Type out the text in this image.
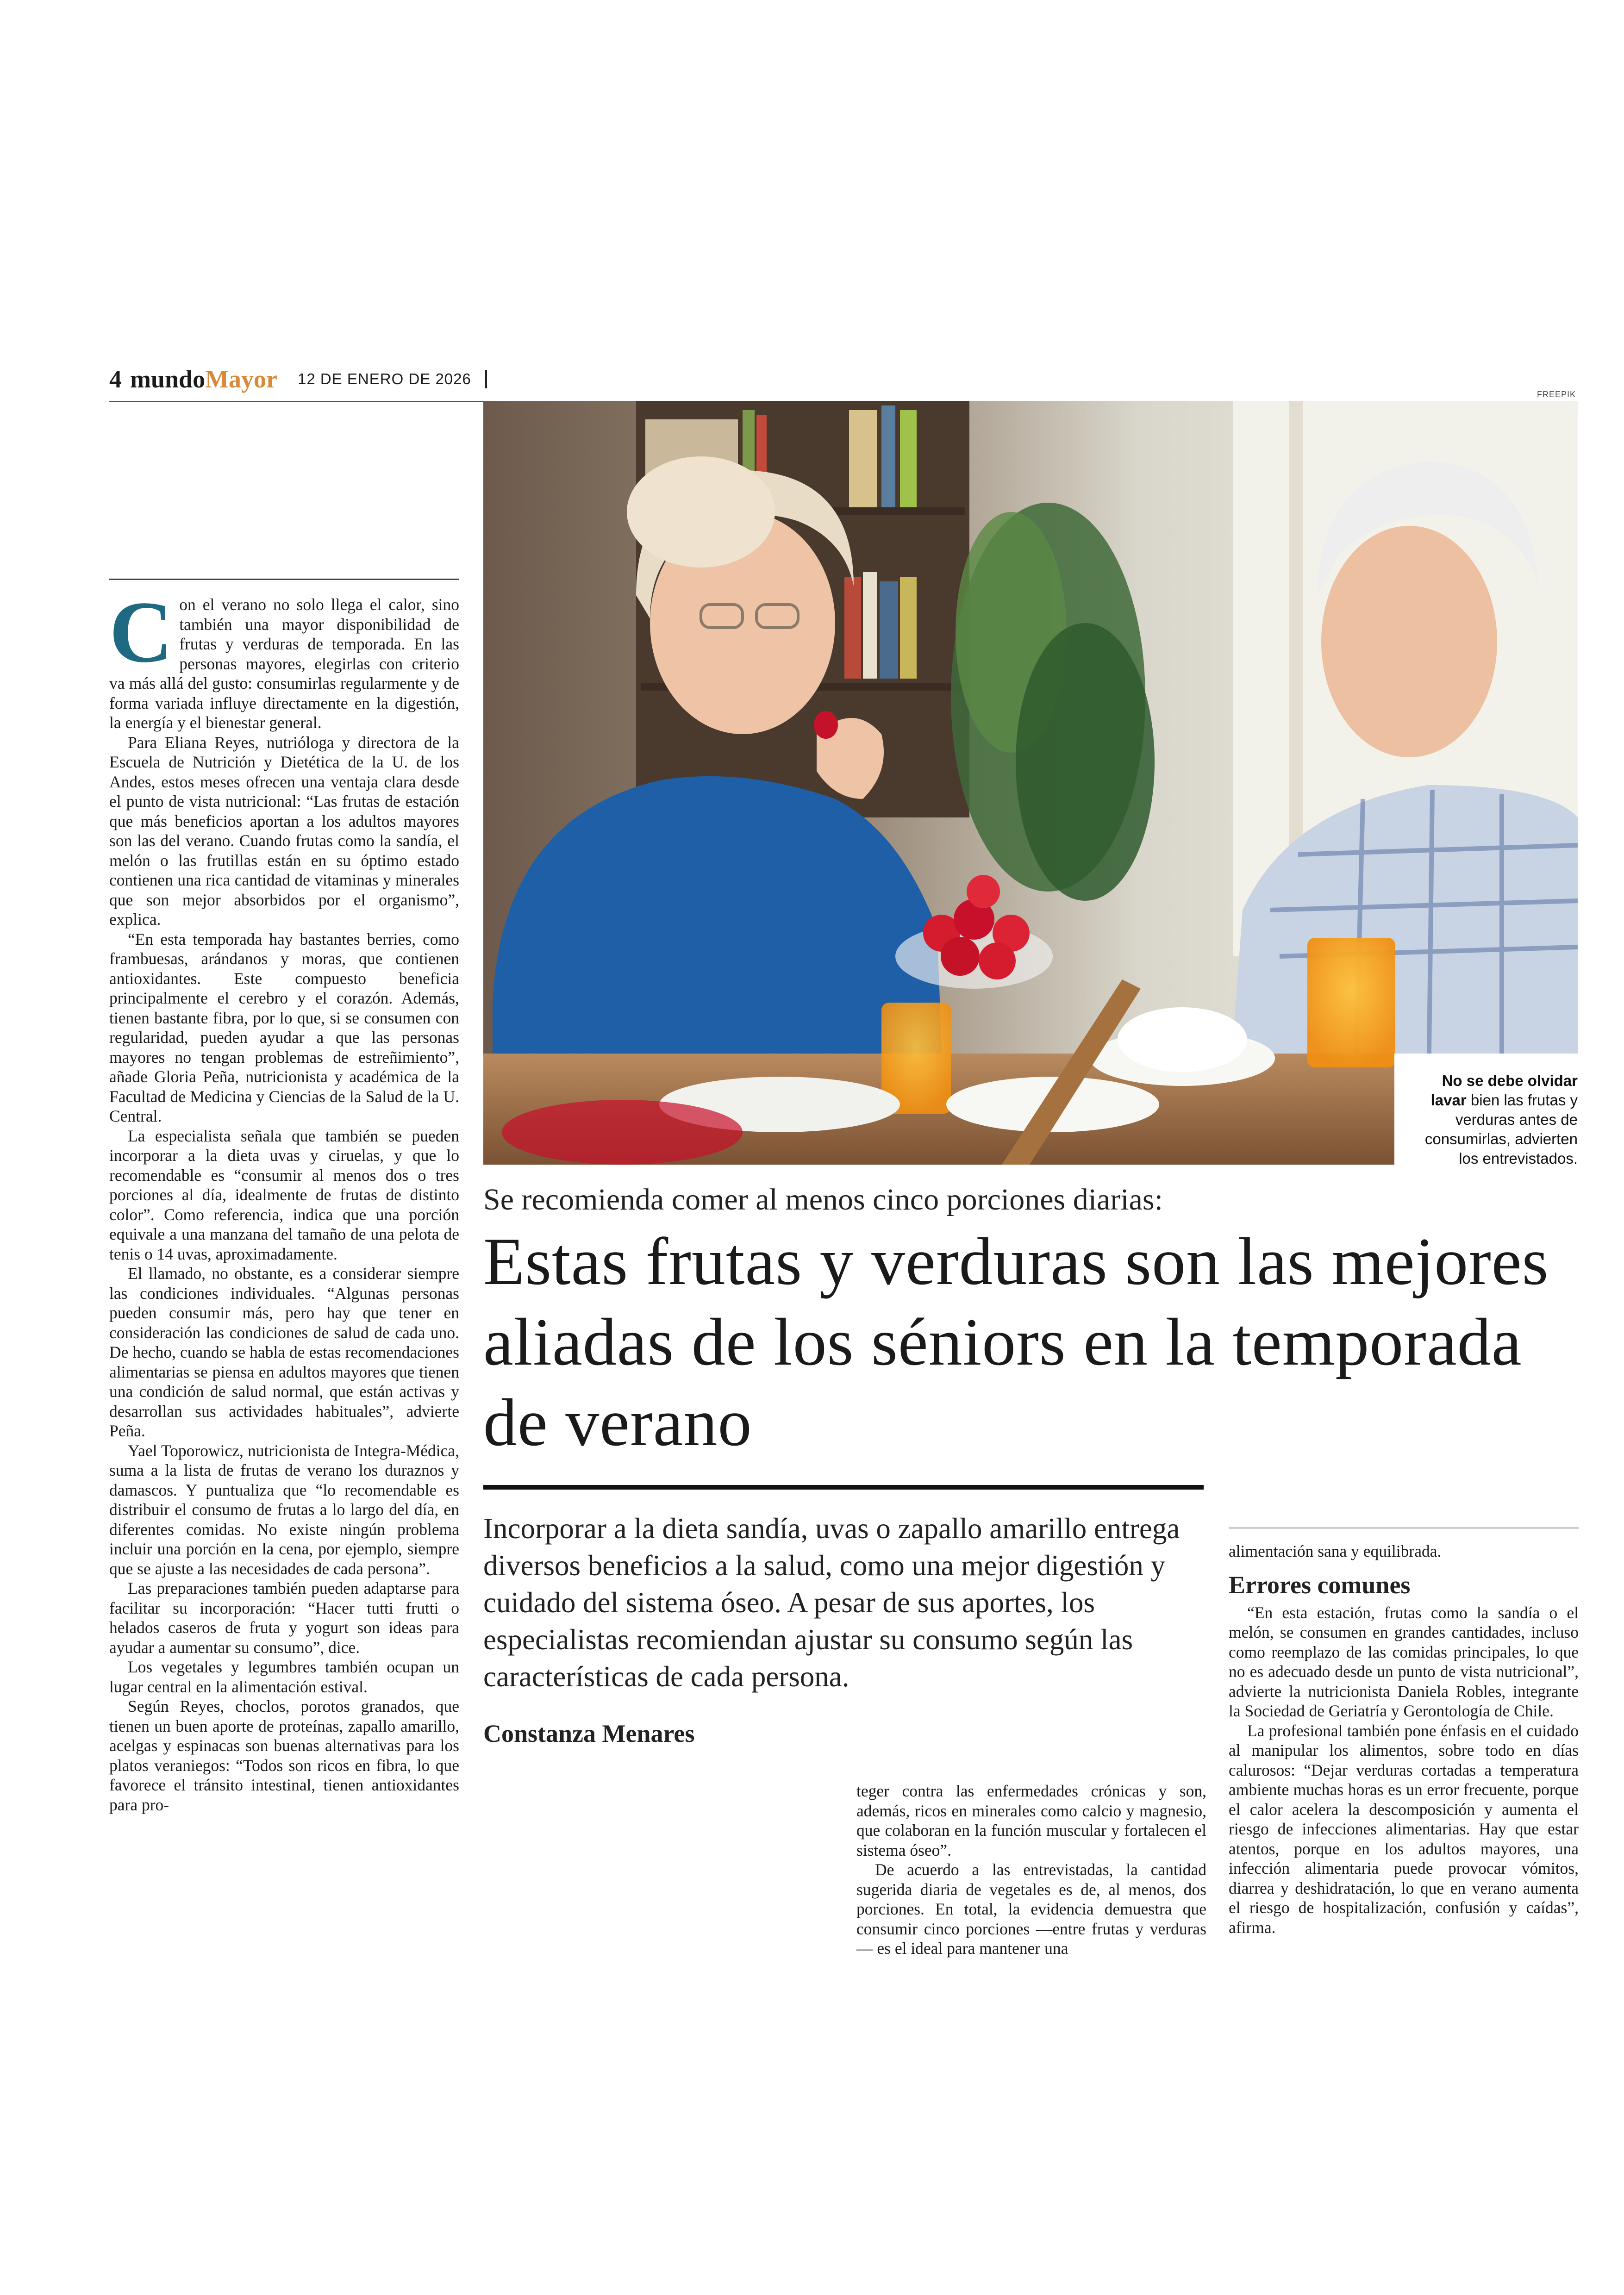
4 mundoMayor 12 DE ENERO DE 2026
FREEPIK
No se debe olvidar lavar bien las frutas y verduras antes de consumirlas, advierten los entrevistados.

Con el verano no solo llega el calor, sino también una mayor disponibilidad de frutas y verduras de temporada. En las personas mayores, elegirlas con criterio va más allá del gusto: consumirlas regularmente y de forma variada influye directamente en la digestión, la energía y el bienestar general.

Para Eliana Reyes, nutrióloga y directora de la Escuela de Nutrición y Dietética de la U. de los Andes, estos meses ofrecen una ventaja clara desde el punto de vista nutricional: “Las frutas de estación que más beneficios aportan a los adultos mayores son las del verano. Cuando frutas como la sandía, el melón o las frutillas están en su óptimo estado contienen una rica cantidad de vitaminas y minerales que son mejor absorbidos por el organismo”, explica.

“En esta temporada hay bastantes berries, como frambuesas, arándanos y moras, que contienen antioxidantes. Este compuesto beneficia principalmente el cerebro y el corazón. Además, tienen bastante fibra, por lo que, si se consumen con regularidad, pueden ayudar a que las personas mayores no tengan problemas de estreñimiento”, añade Gloria Peña, nutricionista y académica de la Facultad de Medicina y Ciencias de la Salud de la U. Central.

La especialista señala que también se pueden incorporar a la dieta uvas y ciruelas, y que lo recomendable es “consumir al menos dos o tres porciones al día, idealmente de frutas de distinto color”. Como referencia, indica que una porción equivale a una manzana del tamaño de una pelota de tenis o 14 uvas, aproximadamente.

El llamado, no obstante, es a considerar siempre las condiciones individuales. “Algunas personas pueden consumir más, pero hay que tener en consideración las condiciones de salud de cada uno. De hecho, cuando se habla de estas recomendaciones alimentarias se piensa en adultos mayores que tienen una condición de salud normal, que están activas y desarrollan sus actividades habituales”, advierte Peña.

Yael Toporowicz, nutricionista de Integra-Médica, suma a la lista de frutas de verano los duraznos y damascos. Y puntualiza que “lo recomendable es distribuir el consumo de frutas a lo largo del día, en diferentes comidas. No existe ningún problema incluir una porción en la cena, por ejemplo, siempre que se ajuste a las necesidades de cada persona”.

Las preparaciones también pueden adaptarse para facilitar su incorporación: “Hacer tutti frutti o helados caseros de fruta y yogurt son ideas para ayudar a aumentar su consumo”, dice.

Los vegetales y legumbres también ocupan un lugar central en la alimentación estival.

Según Reyes, choclos, porotos granados, que tienen un buen aporte de proteínas, zapallo amarillo, acelgas y espinacas son buenas alternativas para los platos veraniegos: “Todos son ricos en fibra, lo que favorece el tránsito intestinal, tienen antioxidantes para pro-

Se recomienda comer al menos cinco porciones diarias:
Estas frutas y verduras son las mejores aliadas de los séniors en la temporada de verano

Incorporar a la dieta sandía, uvas o zapallo amarillo entrega diversos beneficios a la salud, como una mejor digestión y cuidado del sistema óseo. A pesar de sus aportes, los especialistas recomiendan ajustar su consumo según las características de cada persona.

Constanza Menares

teger contra las enfermedades crónicas y son, además, ricos en minerales como calcio y magnesio, que colaboran en la función muscular y fortalecen el sistema óseo”.

De acuerdo a las entrevistadas, la cantidad sugerida diaria de vegetales es de, al menos, dos porciones. En total, la evidencia demuestra que consumir cinco porciones —entre frutas y verduras— es el ideal para mantener una

alimentación sana y equilibrada.

Errores comunes

“En esta estación, frutas como la sandía o el melón, se consumen en grandes cantidades, incluso como reemplazo de las comidas principales, lo que no es adecuado desde un punto de vista nutricional”, advierte la nutricionista Daniela Robles, integrante la Sociedad de Geriatría y Gerontología de Chile.

La profesional también pone énfasis en el cuidado al manipular los alimentos, sobre todo en días calurosos: “Dejar verduras cortadas a temperatura ambiente muchas horas es un error frecuente, porque el calor acelera la descomposición y aumenta el riesgo de infecciones alimentarias. Hay que estar atentos, porque en los adultos mayores, una infección alimentaria puede provocar vómitos, diarrea y deshidratación, lo que en verano aumenta el riesgo de hospitalización, confusión y caídas”, afirma.
